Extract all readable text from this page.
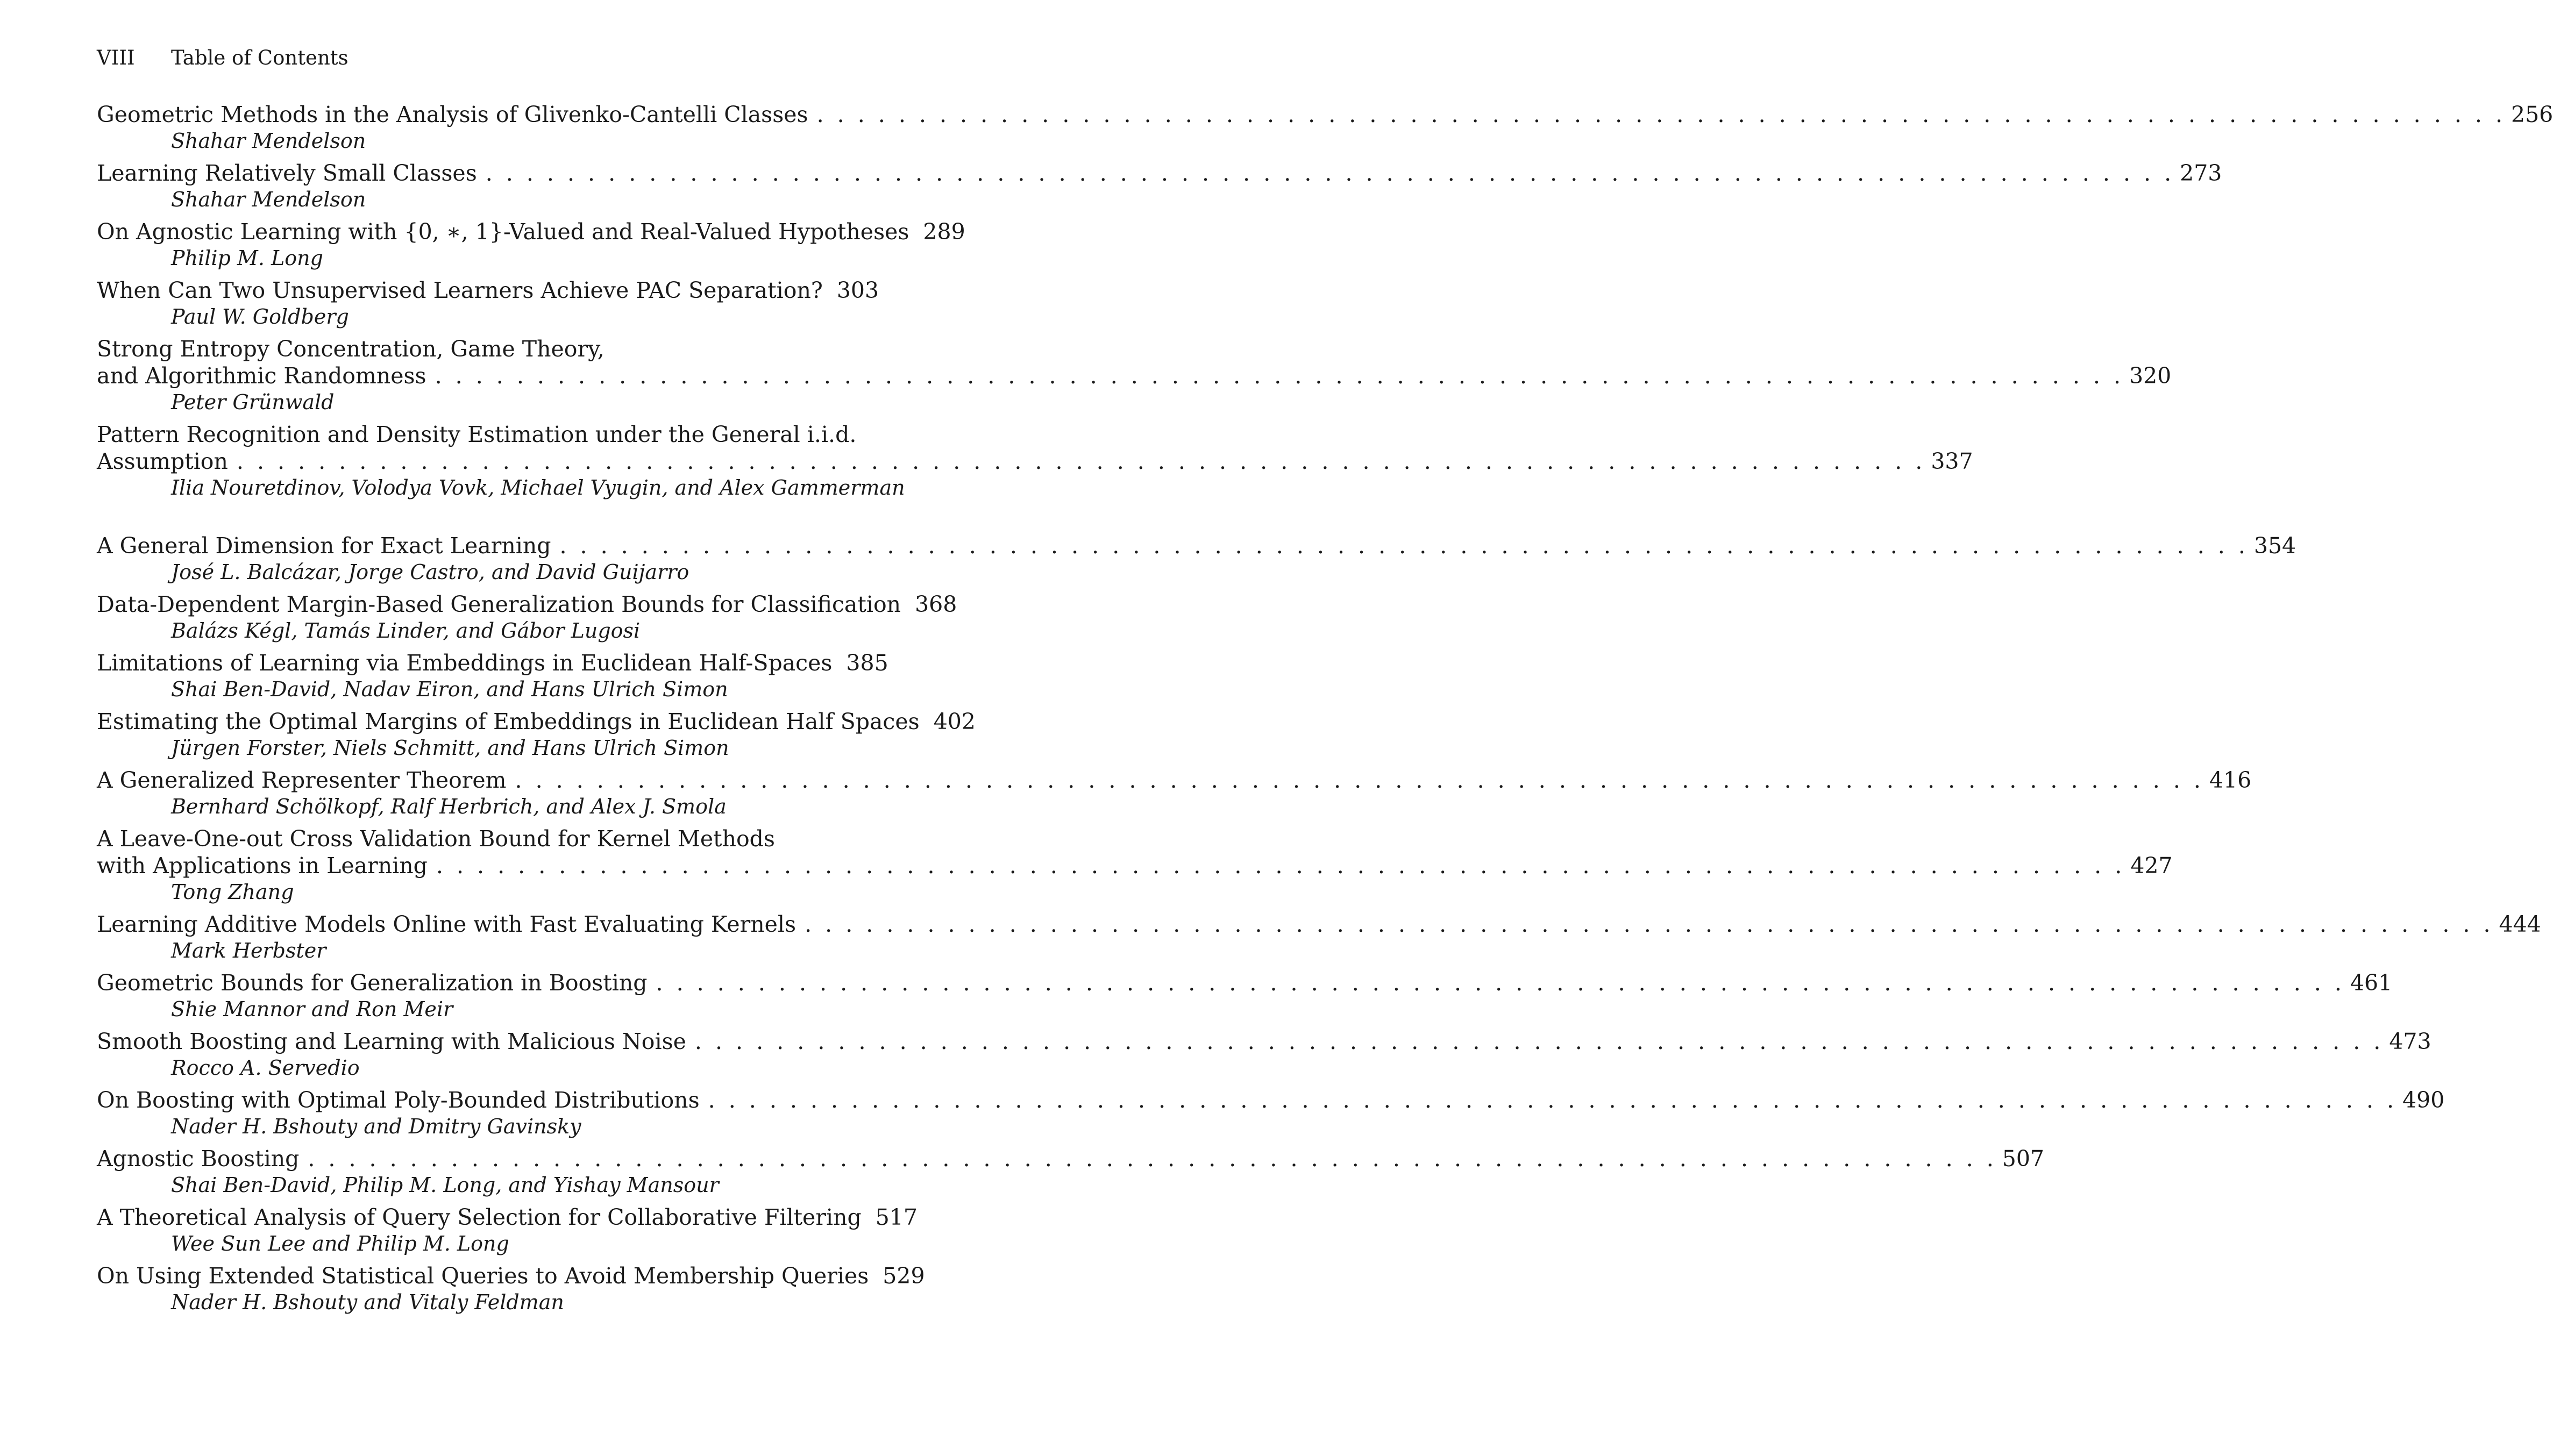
VIII Table of Contents
Geometric Methods in the Analysis of Glivenko-Cantelli Classes . . . . . . . . . . . . . . . . . . . . . . . . . . . . . . . . . . . . . . . . . . . . . . . . . . . . . . . . . . . . . . . . . . . . . . . . . . . . . . . . . . . 256
Shahar Mendelson
Learning Relatively Small Classes . . . . . . . . . . . . . . . . . . . . . . . . . . . . . . . . . . . . . . . . . . . . . . . . . . . . . . . . . . . . . . . . . . . . . . . . . . . . . . . . . . . 273
Shahar Mendelson
On Agnostic Learning with {0, ∗, 1}-Valued and Real-Valued Hypotheses 289
Philip M. Long
When Can Two Unsupervised Learners Achieve PAC Separation? 303
Paul W. Goldberg
Strong Entropy Concentration, Game Theory,
and Algorithmic Randomness . . . . . . . . . . . . . . . . . . . . . . . . . . . . . . . . . . . . . . . . . . . . . . . . . . . . . . . . . . . . . . . . . . . . . . . . . . . . . . . . . . . 320
Peter Grünwald
Pattern Recognition and Density Estimation under the General i.i.d.
Assumption . . . . . . . . . . . . . . . . . . . . . . . . . . . . . . . . . . . . . . . . . . . . . . . . . . . . . . . . . . . . . . . . . . . . . . . . . . . . . . . . . . . 337
Ilia Nouretdinov, Volodya Vovk, Michael Vyugin, and Alex Gammerman
A General Dimension for Exact Learning . . . . . . . . . . . . . . . . . . . . . . . . . . . . . . . . . . . . . . . . . . . . . . . . . . . . . . . . . . . . . . . . . . . . . . . . . . . . . . . . . . . 354
José L. Balcázar, Jorge Castro, and David Guijarro
Data-Dependent Margin-Based Generalization Bounds for Classification 368
Balázs Kégl, Tamás Linder, and Gábor Lugosi
Limitations of Learning via Embeddings in Euclidean Half-Spaces 385
Shai Ben-David, Nadav Eiron, and Hans Ulrich Simon
Estimating the Optimal Margins of Embeddings in Euclidean Half Spaces 402
Jürgen Forster, Niels Schmitt, and Hans Ulrich Simon
A Generalized Representer Theorem . . . . . . . . . . . . . . . . . . . . . . . . . . . . . . . . . . . . . . . . . . . . . . . . . . . . . . . . . . . . . . . . . . . . . . . . . . . . . . . . . . . 416
Bernhard Schölkopf, Ralf Herbrich, and Alex J. Smola
A Leave-One-out Cross Validation Bound for Kernel Methods
with Applications in Learning . . . . . . . . . . . . . . . . . . . . . . . . . . . . . . . . . . . . . . . . . . . . . . . . . . . . . . . . . . . . . . . . . . . . . . . . . . . . . . . . . . . 427
Tong Zhang
Learning Additive Models Online with Fast Evaluating Kernels . . . . . . . . . . . . . . . . . . . . . . . . . . . . . . . . . . . . . . . . . . . . . . . . . . . . . . . . . . . . . . . . . . . . . . . . . . . . . . . . . . . 444
Mark Herbster
Geometric Bounds for Generalization in Boosting . . . . . . . . . . . . . . . . . . . . . . . . . . . . . . . . . . . . . . . . . . . . . . . . . . . . . . . . . . . . . . . . . . . . . . . . . . . . . . . . . . . 461
Shie Mannor and Ron Meir
Smooth Boosting and Learning with Malicious Noise . . . . . . . . . . . . . . . . . . . . . . . . . . . . . . . . . . . . . . . . . . . . . . . . . . . . . . . . . . . . . . . . . . . . . . . . . . . . . . . . . . . 473
Rocco A. Servedio
On Boosting with Optimal Poly-Bounded Distributions . . . . . . . . . . . . . . . . . . . . . . . . . . . . . . . . . . . . . . . . . . . . . . . . . . . . . . . . . . . . . . . . . . . . . . . . . . . . . . . . . . . 490
Nader H. Bshouty and Dmitry Gavinsky
Agnostic Boosting . . . . . . . . . . . . . . . . . . . . . . . . . . . . . . . . . . . . . . . . . . . . . . . . . . . . . . . . . . . . . . . . . . . . . . . . . . . . . . . . . . . 507
Shai Ben-David, Philip M. Long, and Yishay Mansour
A Theoretical Analysis of Query Selection for Collaborative Filtering 517
Wee Sun Lee and Philip M. Long
On Using Extended Statistical Queries to Avoid Membership Queries 529
Nader H. Bshouty and Vitaly Feldman
